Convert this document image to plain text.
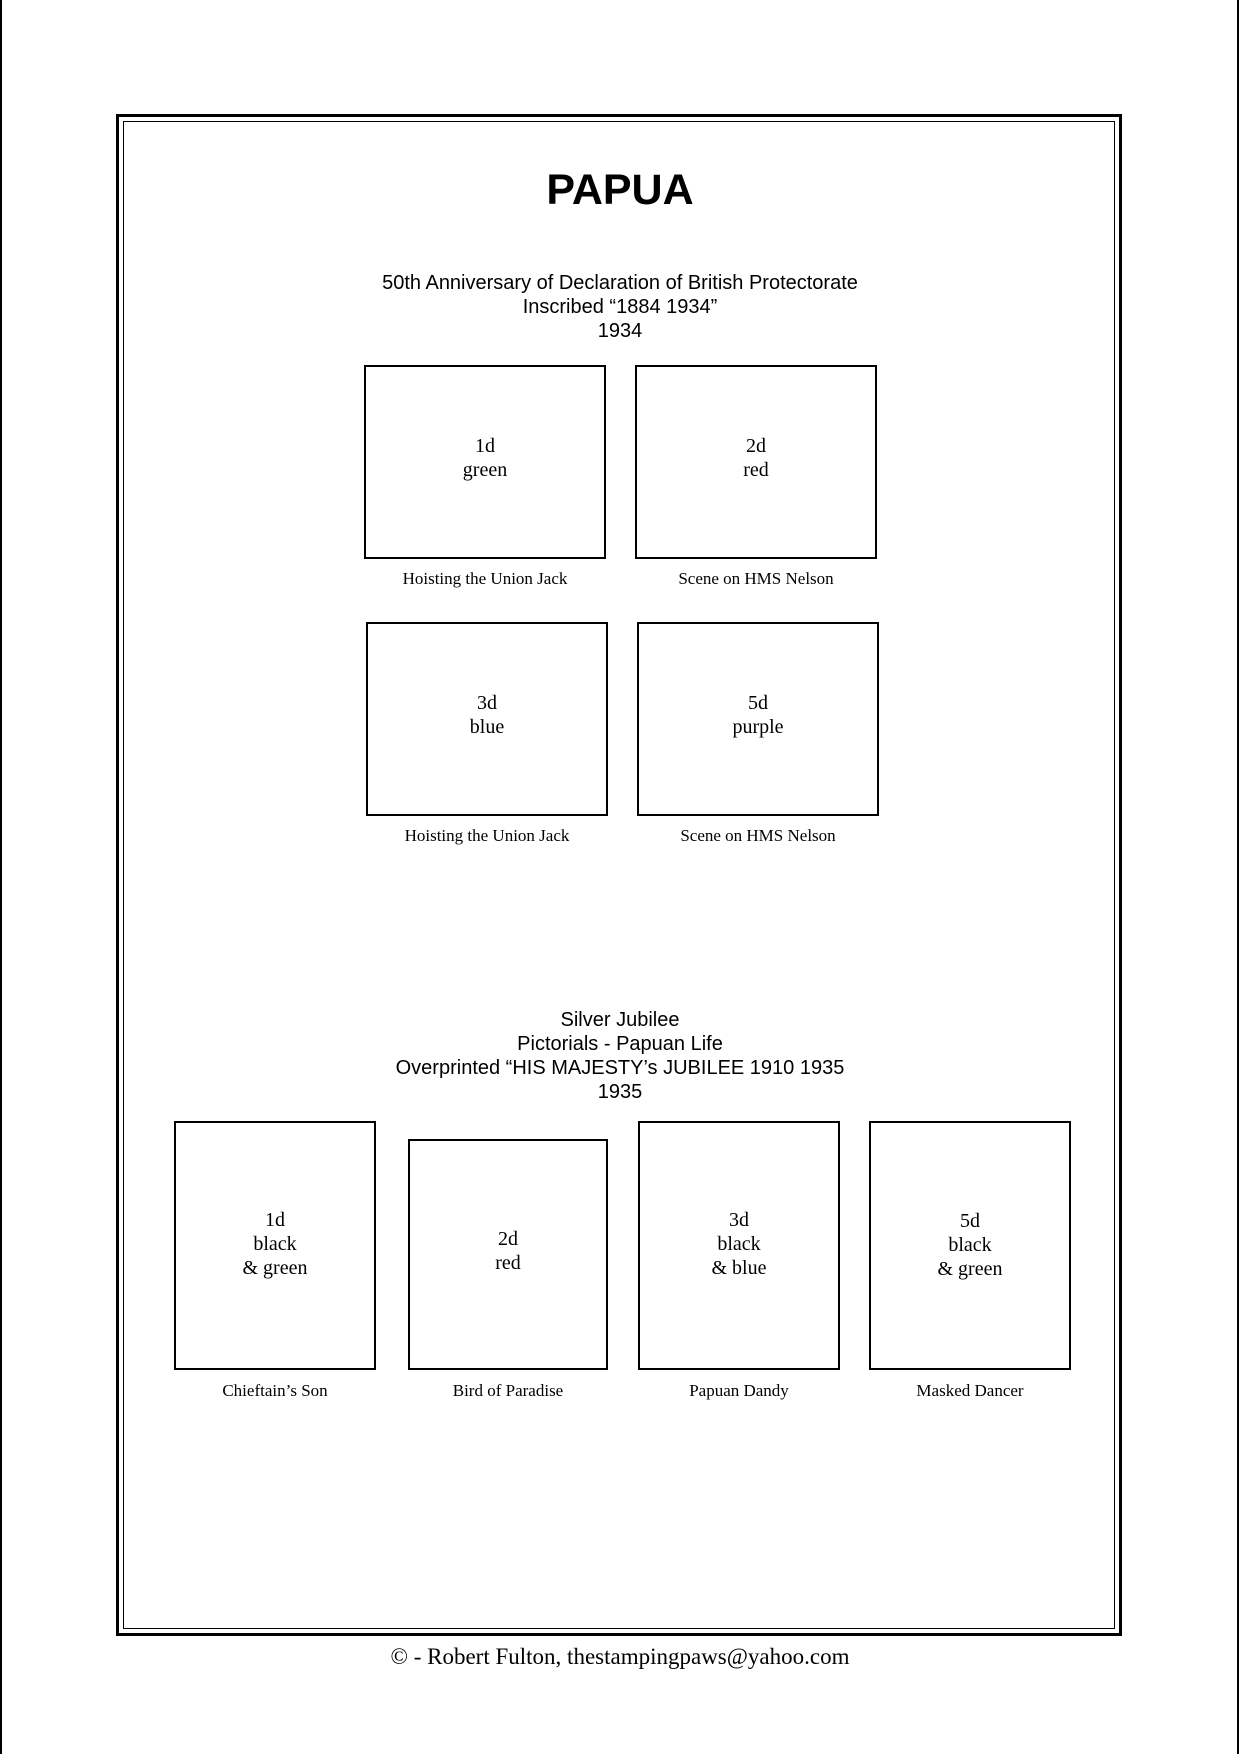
PAPUA
50th Anniversary of Declaration of British Protectorate
Inscribed “1884 1934”
1934
1d
green
Hoisting the Union Jack
2d
red
Scene on HMS Nelson
3d
blue
Hoisting the Union Jack
5d
purple
Scene on HMS Nelson
Silver Jubilee
Pictorials - Papuan Life
Overprinted “HIS MAJESTY’s JUBILEE 1910 1935
1935
1d
black
& green
Chieftain’s Son
2d
red
Bird of Paradise
3d
black
& blue
Papuan Dandy
5d
black
& green
Masked Dancer
© - Robert Fulton, thestampingpaws@yahoo.com
